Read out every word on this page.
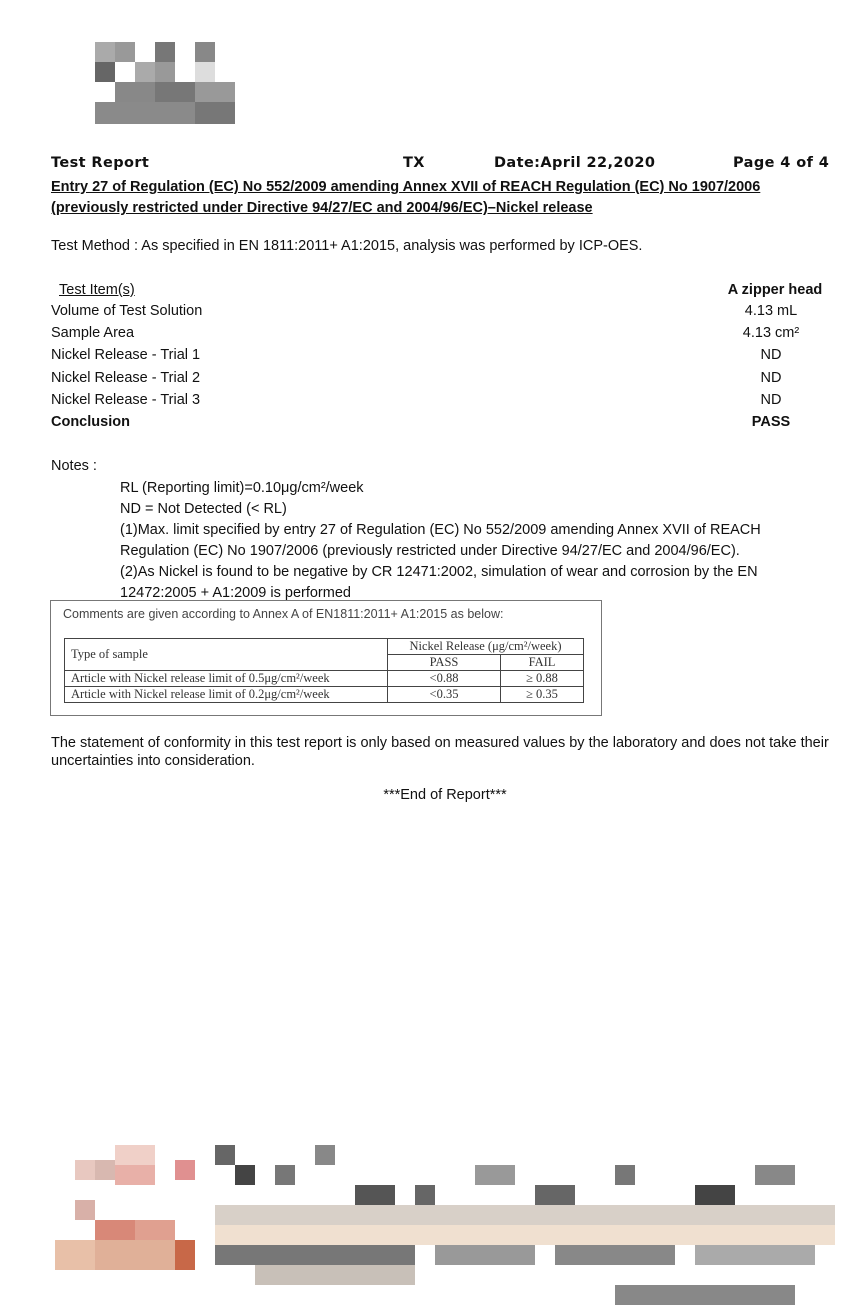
Test Report	TX	Date:April 22,2020	Page 4 of 4
Entry 27 of Regulation (EC) No 552/2009 amending Annex XVII of REACH Regulation (EC) No 1907/2006 (previously restricted under Directive 94/27/EC and 2004/96/EC)–Nickel release
Test Method : As specified in EN 1811:2011+ A1:2015, analysis was performed by ICP-OES.
Test Item(s)	A zipper head
Volume of Test Solution	4.13 mL
Sample Area	4.13 cm²
Nickel Release - Trial 1	ND
Nickel Release - Trial 2	ND
Nickel Release - Trial 3	ND
Conclusion	PASS
Notes :

RL (Reporting limit)=0.10μg/cm²/week

ND = Not Detected (< RL)

(1)Max. limit specified by entry 27 of Regulation (EC) No 552/2009 amending Annex XVII of REACH Regulation (EC) No 1907/2006 (previously restricted under Directive 94/27/EC and 2004/96/EC).

(2)As Nickel is found to be negative by CR 12471:2002, simulation of wear and corrosion by the EN 12472:2005 + A1:2009 is performed

Comments are given according to Annex A of EN1811:2011+ A1:2015 as below:
Type of sample	Nickel Release (μg/cm²/week)	
	PASS	FAIL
Article with Nickel release limit of 0.5μg/cm²/week	<0.88	≥ 0.88
Article with Nickel release limit of 0.2μg/cm²/week	<0.35	≥ 0.35
The statement of conformity in this test report is only based on measured values by the laboratory and does not take their uncertainties into consideration.
***End of Report***
